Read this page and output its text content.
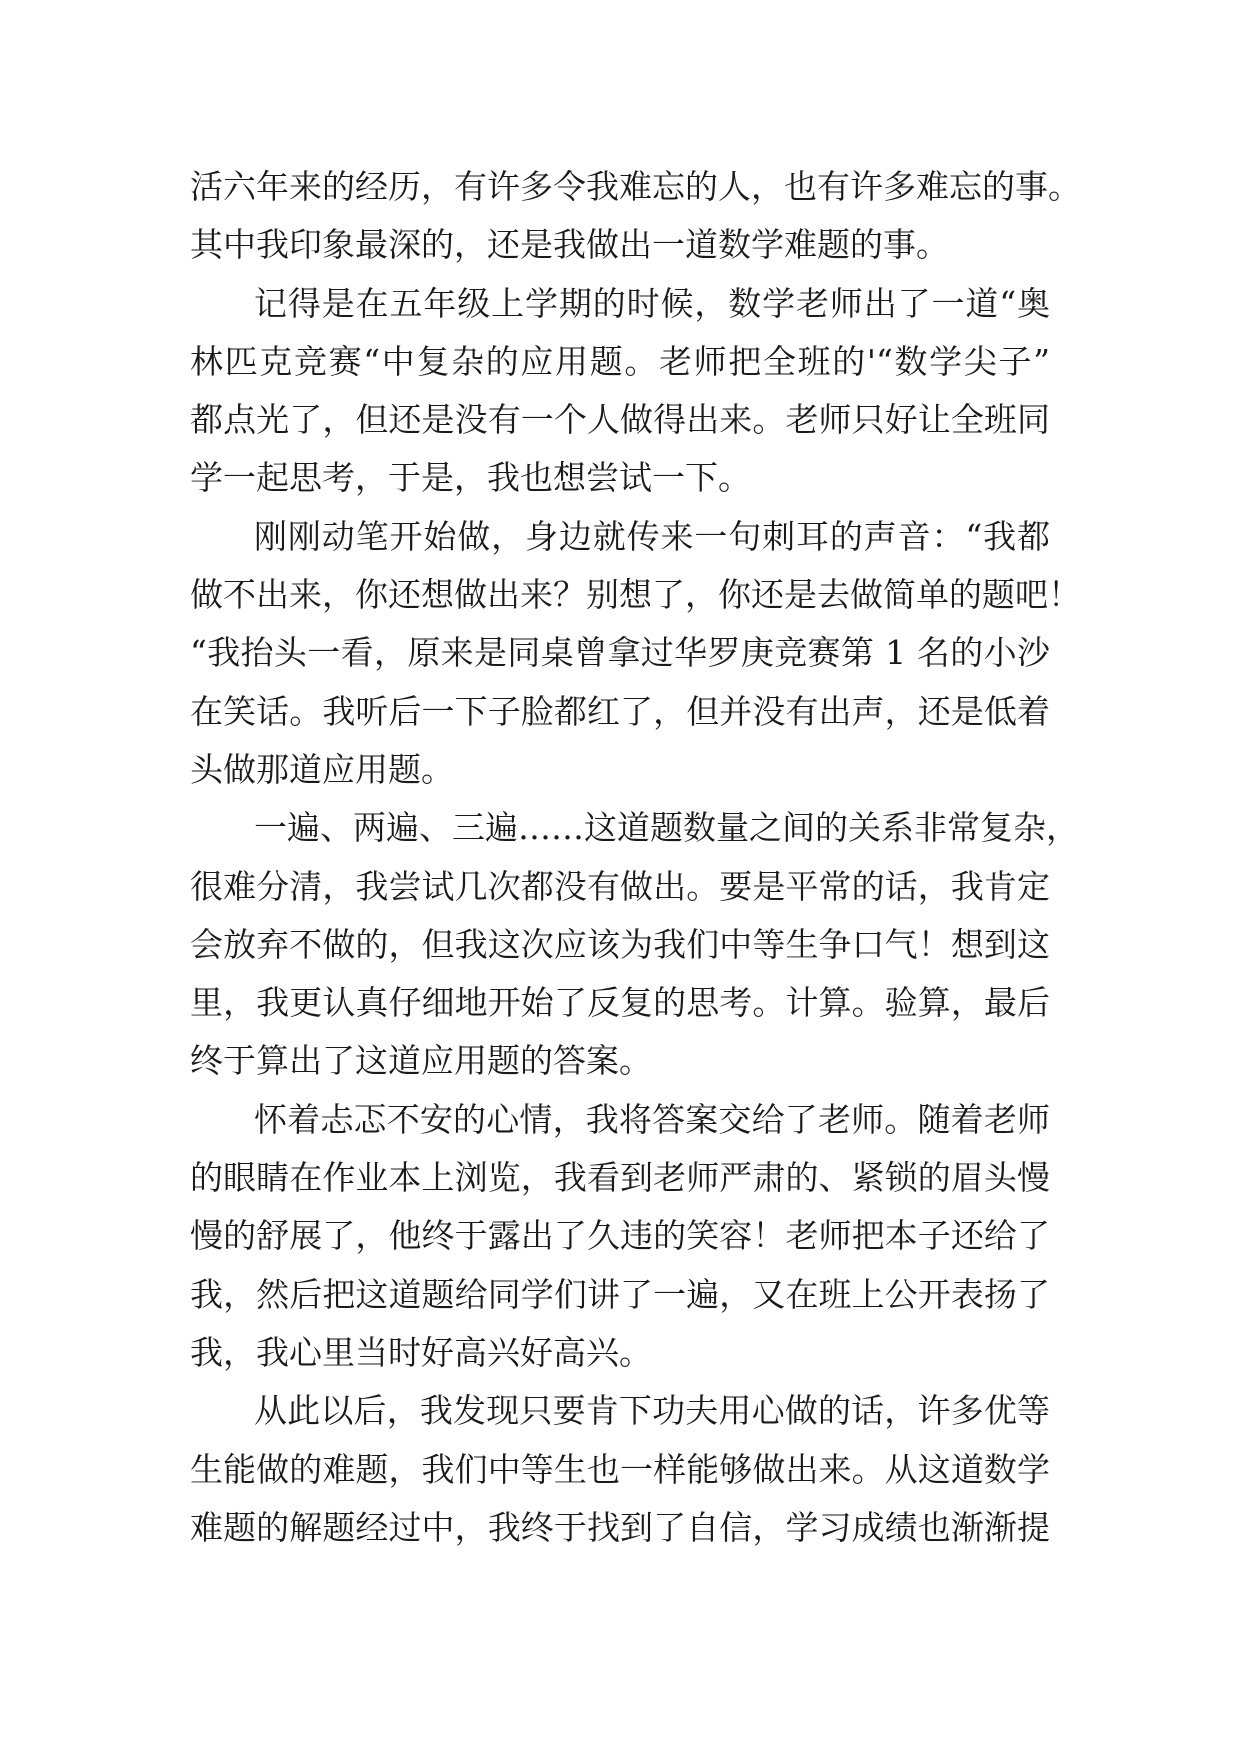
活六年来的经历，有许多令我难忘的人，也有许多难忘的事。
其中我印象最深的，还是我做出一道数学难题的事。
记得是在五年级上学期的时候，数学老师出了一道“奥
林匹克竞赛“中复杂的应用题。老师把全班的'“数学尖子”
都点光了，但还是没有一个人做得出来。老师只好让全班同
学一起思考，于是，我也想尝试一下。
刚刚动笔开始做，身边就传来一句刺耳的声音：“我都
做不出来，你还想做出来？别想了，你还是去做简单的题吧！
“我抬头一看，原来是同桌曾拿过华罗庚竞赛第 1 名的小沙
在笑话。我听后一下子脸都红了，但并没有出声，还是低着
头做那道应用题。
一遍、两遍、三遍……这道题数量之间的关系非常复杂，
很难分清，我尝试几次都没有做出。要是平常的话，我肯定
会放弃不做的，但我这次应该为我们中等生争口气！想到这
里，我更认真仔细地开始了反复的思考。计算。验算，最后
终于算出了这道应用题的答案。
怀着忐忑不安的心情，我将答案交给了老师。随着老师
的眼睛在作业本上浏览，我看到老师严肃的、紧锁的眉头慢
慢的舒展了，他终于露出了久违的笑容！老师把本子还给了
我，然后把这道题给同学们讲了一遍，又在班上公开表扬了
我，我心里当时好高兴好高兴。
从此以后，我发现只要肯下功夫用心做的话，许多优等
生能做的难题，我们中等生也一样能够做出来。从这道数学
难题的解题经过中，我终于找到了自信，学习成绩也渐渐提
